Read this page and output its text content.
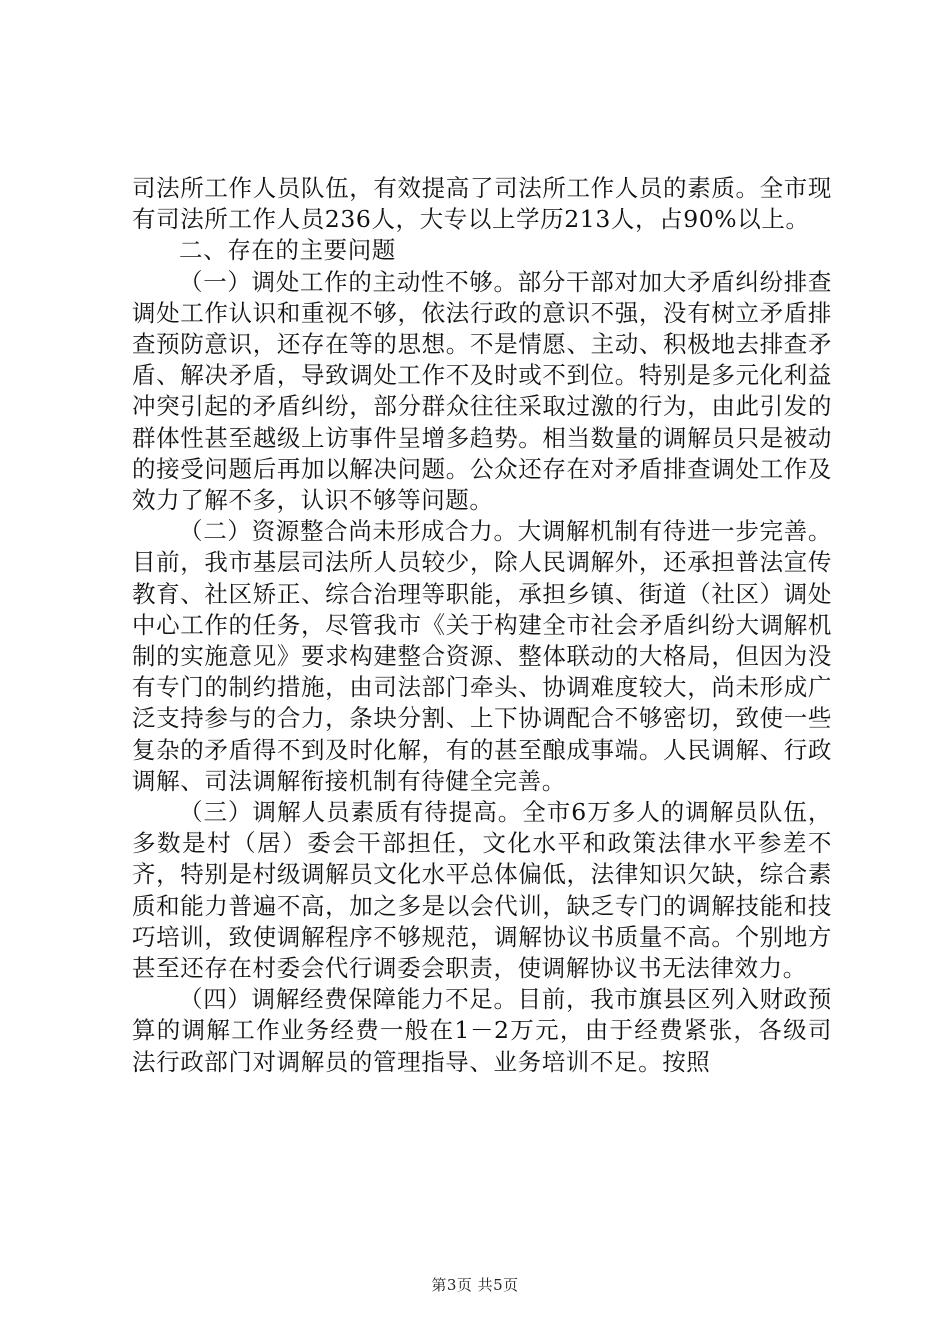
司法所工作人员队伍，有效提高了司法所工作人员的素质。全市现有司法所工作人员236人，大专以上学历213人，占90%以上。

二、存在的主要问题

（一）调处工作的主动性不够。部分干部对加大矛盾纠纷排查调处工作认识和重视不够，依法行政的意识不强，没有树立矛盾排查预防意识，还存在等的思想。不是情愿、主动、积极地去排查矛盾、解决矛盾，导致调处工作不及时或不到位。特别是多元化利益冲突引起的矛盾纠纷，部分群众往往采取过激的行为，由此引发的群体性甚至越级上访事件呈增多趋势。相当数量的调解员只是被动的接受问题后再加以解决问题。公众还存在对矛盾排查调处工作及效力了解不多，认识不够等问题。

（二）资源整合尚未形成合力。大调解机制有待进一步完善。目前，我市基层司法所人员较少，除人民调解外，还承担普法宣传教育、社区矫正、综合治理等职能，承担乡镇、街道（社区）调处中心工作的任务，尽管我市《关于构建全市社会矛盾纠纷大调解机制的实施意见》要求构建整合资源、整体联动的大格局，但因为没有专门的制约措施，由司法部门牵头、协调难度较大，尚未形成广泛支持参与的合力，条块分割、上下协调配合不够密切，致使一些复杂的矛盾得不到及时化解，有的甚至酿成事端。人民调解、行政调解、司法调解衔接机制有待健全完善。

（三）调解人员素质有待提高。全市6万多人的调解员队伍，多数是村（居）委会干部担任，文化水平和政策法律水平参差不齐，特别是村级调解员文化水平总体偏低，法律知识欠缺，综合素质和能力普遍不高，加之多是以会代训，缺乏专门的调解技能和技巧培训，致使调解程序不够规范，调解协议书质量不高。个别地方甚至还存在村委会代行调委会职责，使调解协议书无法律效力。

（四）调解经费保障能力不足。目前，我市旗县区列入财政预算的调解工作业务经费一般在1－2万元，由于经费紧张，各级司法行政部门对调解员的管理指导、业务培训不足。按照

第3页 共5页
